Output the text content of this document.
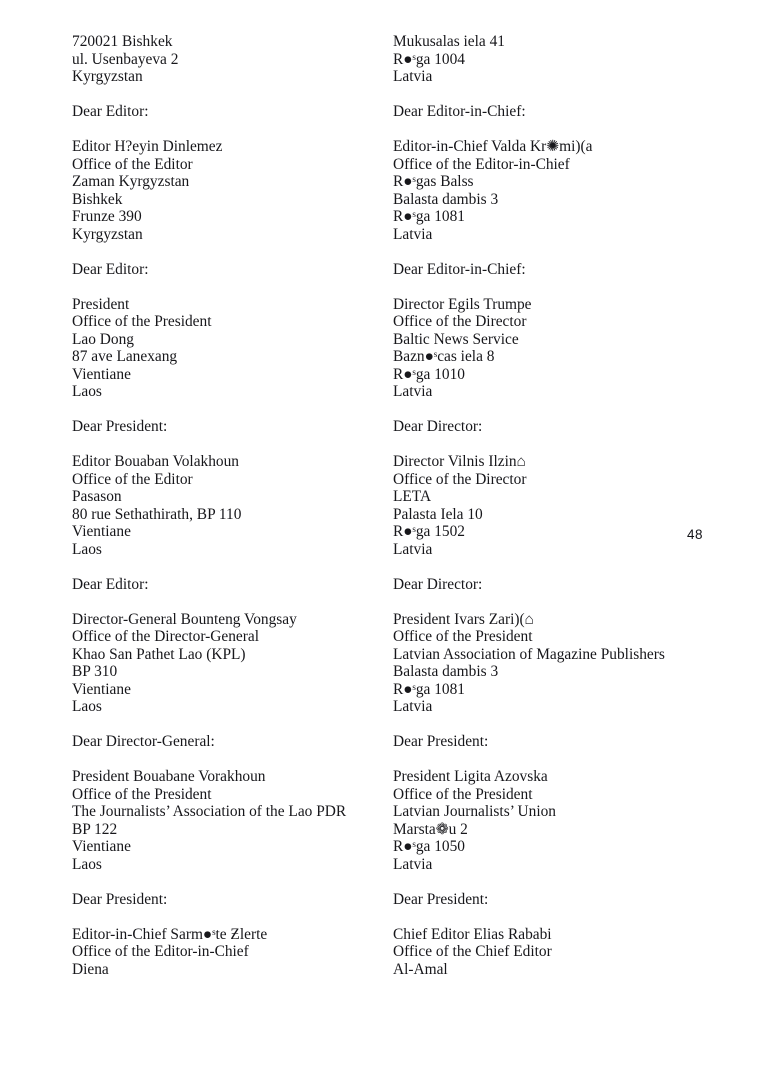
720021 Bishkek
ul. Usenbayeva 2
Kyrgyzstan
Dear Editor:
Editor H?eyin Dinlemez
Office of the Editor
Zaman Kyrgyzstan
Bishkek
Frunze 390
Kyrgyzstan
Dear Editor:
President
Office of the President
Lao Dong
87 ave Lanexang
Vientiane
Laos
Dear President:
Editor Bouaban Volakhoun
Office of the Editor
Pasason
80 rue Sethathirath, BP 110
Vientiane
Laos
Dear Editor:
Director-General Bounteng Vongsay
Office of the Director-General
Khao San Pathet Lao (KPL)
BP 310
Vientiane
Laos
Dear Director-General:
President Bouabane Vorakhoun
Office of the President
The Journalists’ Association of the Lao PDR
BP 122
Vientiane
Laos
Dear President:
Editor-in-Chief Sarm●ˢte Ƶlerte
Office of the Editor-in-Chief
Diena
Mukusalas iela 41
R●ˢga 1004
Latvia
Dear Editor-in-Chief:
Editor-in-Chief Valda Kr✺mi)(a
Office of the Editor-in-Chief
R●ˢgas Balss
Balasta dambis 3
R●ˢga 1081
Latvia
Dear Editor-in-Chief:
Director Egils Trumpe
Office of the Director
Baltic News Service
Bazn●ˢcas iela 8
R●ˢga 1010
Latvia
Dear Director:
Director Vilnis Ilzin⌂
Office of the Director
LETA
Palasta Iela 10
R●ˢga 1502
Latvia
Dear Director:
President Ivars Zari)(⌂
Office of the President
Latvian Association of Magazine Publishers
Balasta dambis 3
R●ˢga 1081
Latvia
Dear President:
President Ligita Azovska
Office of the President
Latvian Journalists’ Union
Marsta❁u 2
R●ˢga 1050
Latvia
Dear President:
Chief Editor Elias Rababi
Office of the Chief Editor
Al-Amal
48
